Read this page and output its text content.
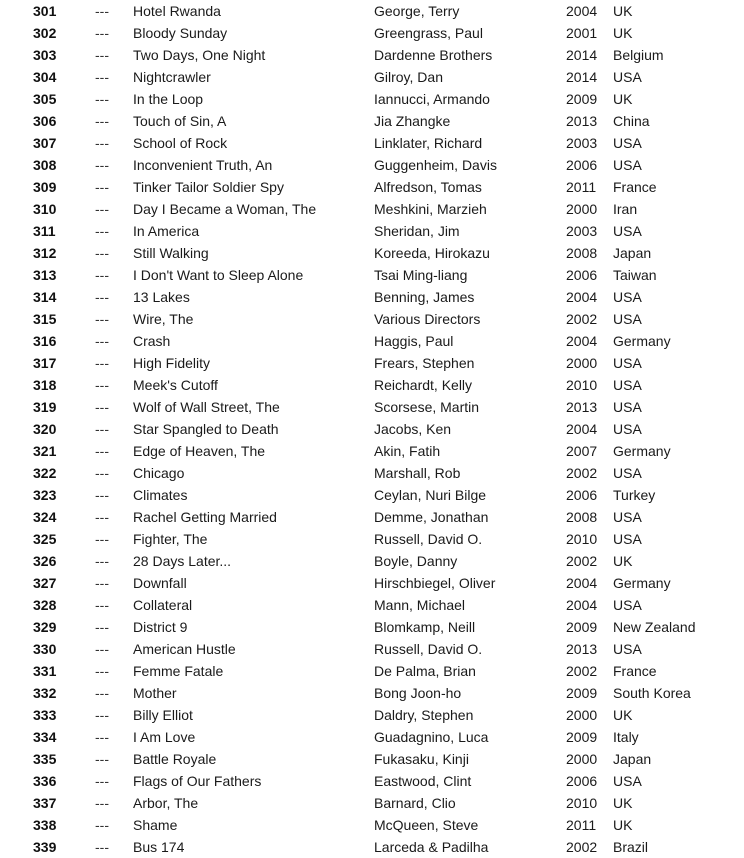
301	--- Hotel Rwanda	George, Terry	2004 UK
302	--- Bloody Sunday	Greengrass, Paul	2001 UK
303	--- Two Days, One Night	Dardenne Brothers	2014 Belgium
304	--- Nightcrawler	Gilroy, Dan	2014 USA
305	--- In the Loop	Iannucci, Armando	2009 UK
306	--- Touch of Sin, A	Jia Zhangke	2013 China
307	--- School of Rock	Linklater, Richard	2003 USA
308	--- Inconvenient Truth, An	Guggenheim, Davis	2006 USA
309	--- Tinker Tailor Soldier Spy	Alfredson, Tomas	2011 France
310	--- Day I Became a Woman, The	Meshkini, Marzieh	2000 Iran
311	--- In America	Sheridan, Jim	2003 USA
312	--- Still Walking	Koreeda, Hirokazu	2008 Japan
313	--- I Don't Want to Sleep Alone	Tsai Ming-liang	2006 Taiwan
314	--- 13 Lakes	Benning, James	2004 USA
315	--- Wire, The	Various Directors	2002 USA
316	--- Crash	Haggis, Paul	2004 Germany
317	--- High Fidelity	Frears, Stephen	2000 USA
318	--- Meek's Cutoff	Reichardt, Kelly	2010 USA
319	--- Wolf of Wall Street, The	Scorsese, Martin	2013 USA
320	--- Star Spangled to Death	Jacobs, Ken	2004 USA
321	--- Edge of Heaven, The	Akin, Fatih	2007 Germany
322	--- Chicago	Marshall, Rob	2002 USA
323	--- Climates	Ceylan, Nuri Bilge	2006 Turkey
324	--- Rachel Getting Married	Demme, Jonathan	2008 USA
325	--- Fighter, The	Russell, David O.	2010 USA
326	--- 28 Days Later...	Boyle, Danny	2002 UK
327	--- Downfall	Hirschbiegel, Oliver	2004 Germany
328	--- Collateral	Mann, Michael	2004 USA
329	--- District 9	Blomkamp, Neill	2009 New Zealand
330	--- American Hustle	Russell, David O.	2013 USA
331	--- Femme Fatale	De Palma, Brian	2002 France
332	--- Mother	Bong Joon-ho	2009 South Korea
333	--- Billy Elliot	Daldry, Stephen	2000 UK
334	--- I Am Love	Guadagnino, Luca	2009 Italy
335	--- Battle Royale	Fukasaku, Kinji	2000 Japan
336	--- Flags of Our Fathers	Eastwood, Clint	2006 USA
337	--- Arbor, The	Barnard, Clio	2010 UK
338	--- Shame	McQueen, Steve	2011 UK
339	--- Bus 174	Larceda & Padilha	2002 Brazil
